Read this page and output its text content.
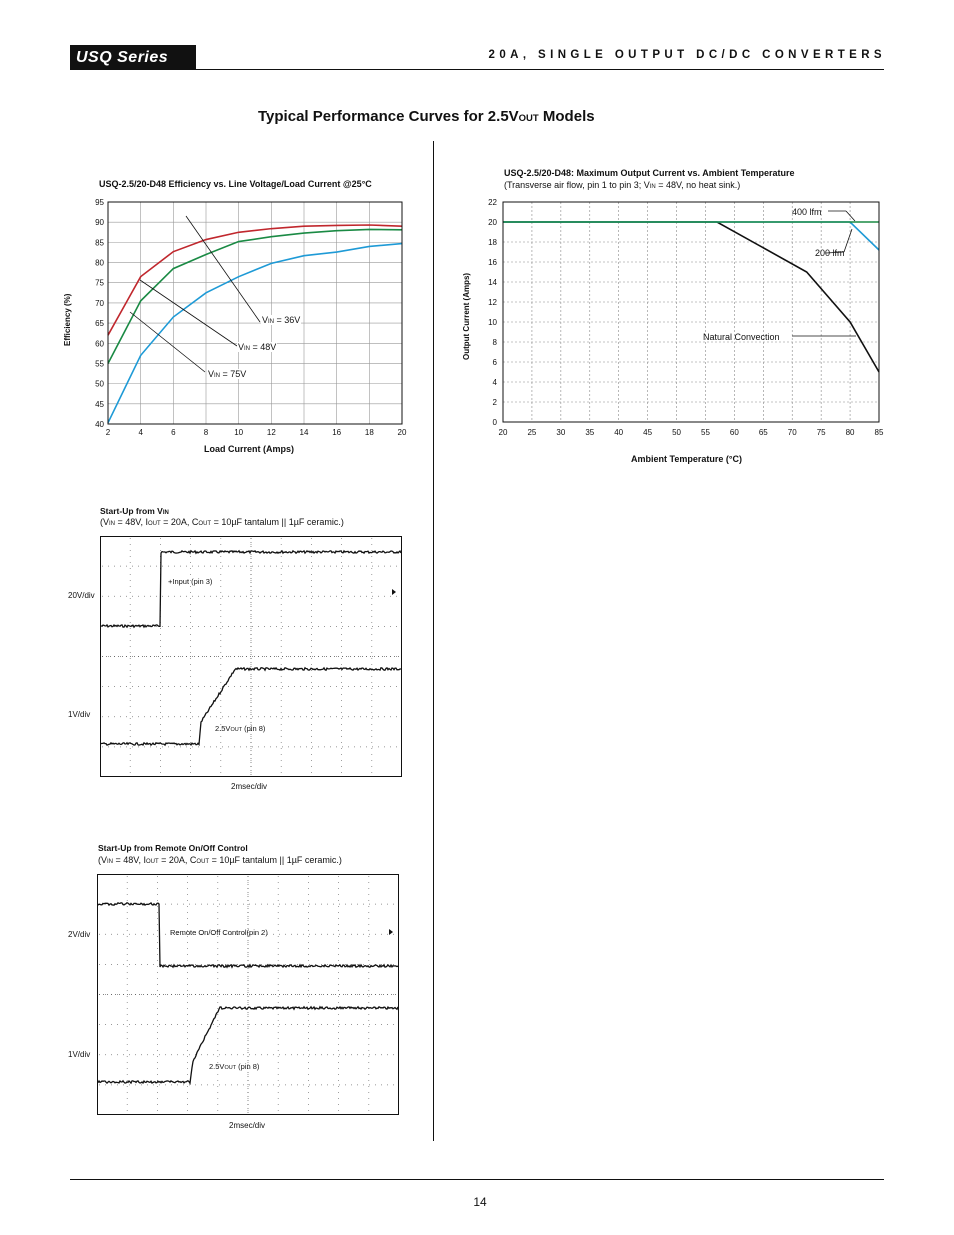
USQ Series	20A, SINGLE OUTPUT DC/DC CONVERTERS
Typical Performance Curves for 2.5VOUT Models
USQ-2.5/20-D48 Efficiency vs. Line Voltage/Load Current @25°C
Load Current (Amps)
Efficiency (%)
2	4	6	8	10	12	14	16	18	20
40
45
50
55
60
65
70
75
80
85
90
95
VIN = 36V
VIN = 48V
VIN = 75V
USQ-2.5/20-D48: Maximum Output Current vs. Ambient Temperature
(Transverse air flow, pin 1 to pin 3; VIN = 48V, no heat sink.)
Ambient Temperature (°C)
Output Current (Amps)
20	25	30	35	40	45	50	55	60	65	70	75	80	85
0
2
4
6
8
10
12
14
16
18
20
22
400 lfm
200 lfm
Natural Convection
Start-Up from VIN
(VIN = 48V, IOUT = 20A, COUT = 10µF tantalum || 1µF ceramic.)
20V/div
1V/div
2msec/div
+Input (pin 3)
2.5VOUT (pin 8)
Start-Up from Remote On/Off Control
(VIN = 48V, IOUT = 20A, COUT = 10µF tantalum || 1µF ceramic.)
2V/div
1V/div
2msec/div
Remote On/Off Control(pin 2)
2.5VOUT (pin 8)
14
